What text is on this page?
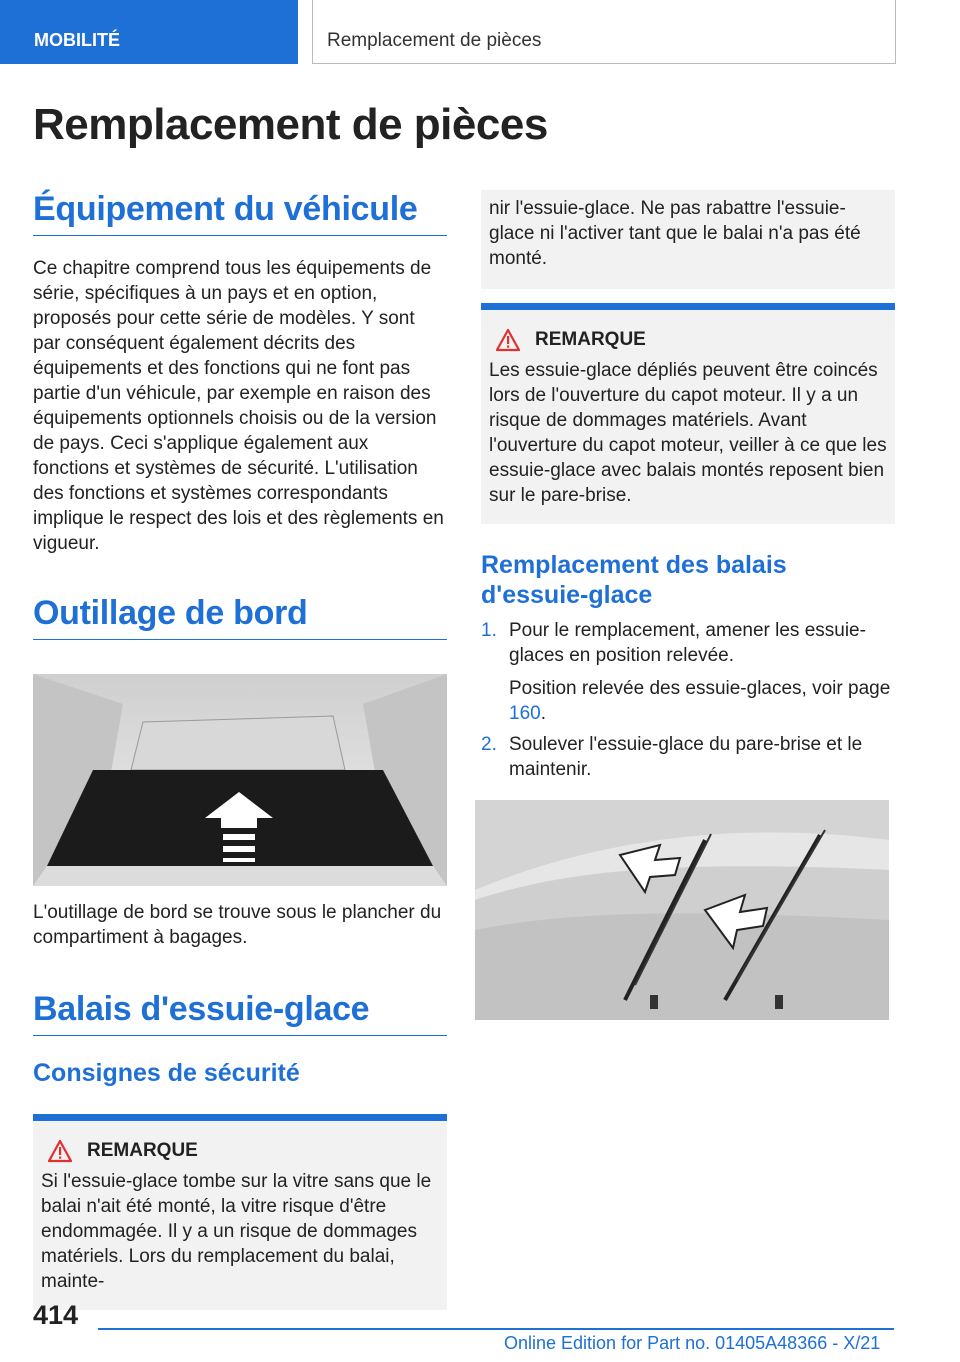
MOBILITÉ	Remplacement de pièces
Remplacement de pièces
Équipement du véhicule

Ce chapitre comprend tous les équipements de série, spécifiques à un pays et en option, proposés pour cette série de modèles. Y sont par conséquent également décrits des équipements et des fonctions qui ne font pas partie d'un véhicule, par exemple en raison des équipements optionnels choisis ou de la version de pays. Ceci s'applique également aux fonctions et systèmes de sécurité. L'utilisation des fonctions et systèmes correspondants implique le respect des lois et des règlements en vigueur.

Outillage de bord

L'outillage de bord se trouve sous le plancher du compartiment à bagages.

Balais d'essuie-glace
Consignes de sécurité
REMARQUE

Si l'essuie-glace tombe sur la vitre sans que le balai n'ait été monté, la vitre risque d'être endommagée. Il y a un risque de dommages matériels. Lors du remplacement du balai, mainte-

nir l'essuie-glace. Ne pas rabattre l'essuie-glace ni l'activer tant que le balai n'a pas été monté.

REMARQUE

Les essuie-glace dépliés peuvent être coincés lors de l'ouverture du capot moteur. Il y a un risque de dommages matériels. Avant l'ouverture du capot moteur, veiller à ce que les essuie-glace avec balais montés reposent bien sur le pare-brise.

Remplacement des balais d'essuie-glace
1. Pour le remplacement, amener les essuie-glaces en position relevée.
Position relevée des essuie-glaces, voir page 160.
2. Soulever l'essuie-glace du pare-brise et le maintenir.
414
Online Edition for Part no. 01405A48366 - X/21
